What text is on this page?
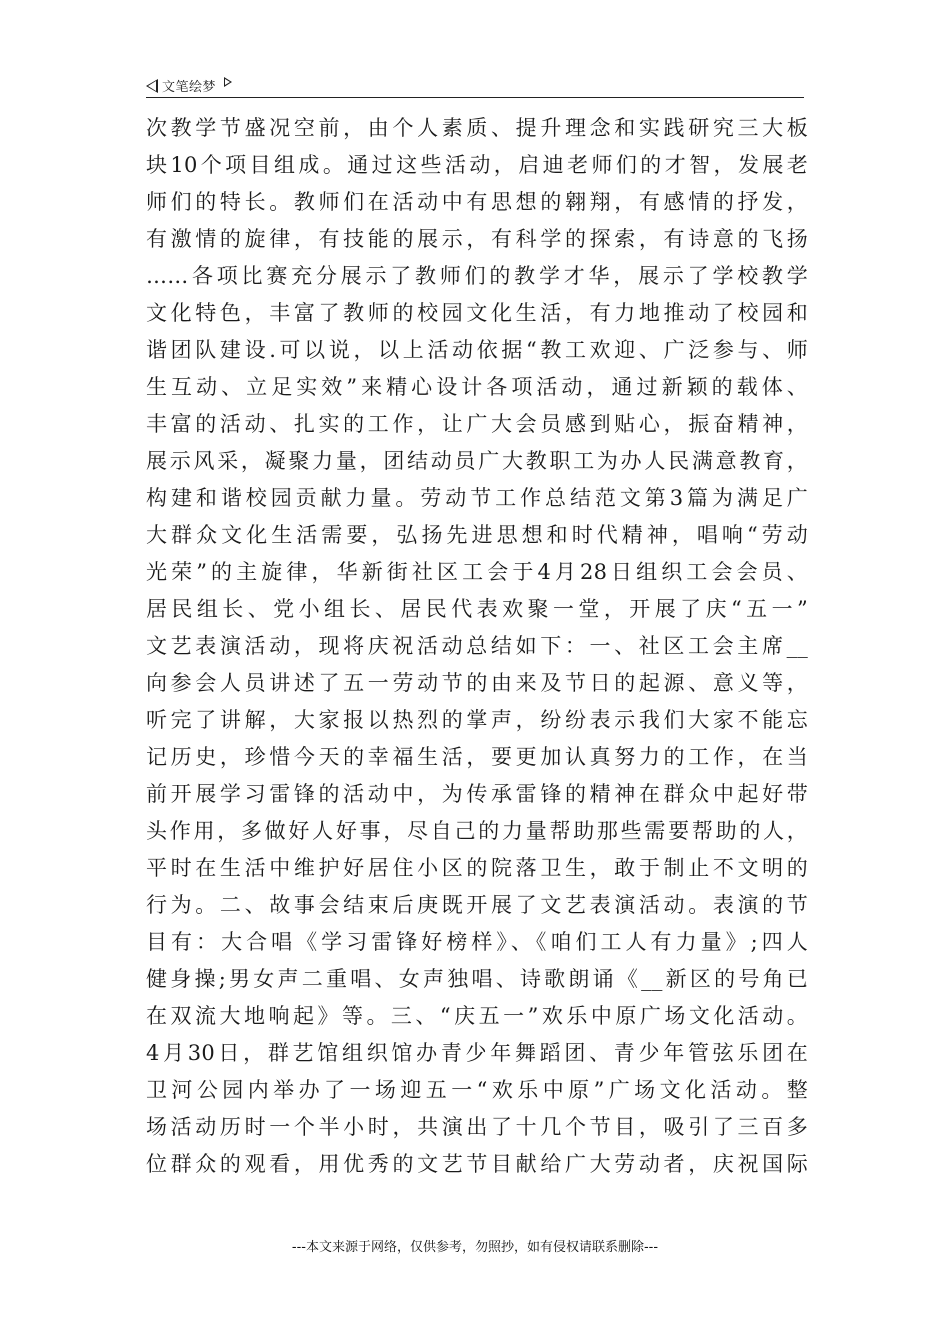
文笔绘梦
次教学节盛况空前，由个人素质、提升理念和实践研究三大板
块10个项目组成。通过这些活动，启迪老师们的才智，发展老
师们的特长。教师们在活动中有思想的翱翔，有感情的抒发，
有激情的旋律，有技能的展示，有科学的探索，有诗意的飞扬
……各项比赛充分展示了教师们的教学才华，展示了学校教学
文化特色，丰富了教师的校园文化生活，有力地推动了校园和
谐团队建设.可以说，以上活动依据“教工欢迎、广泛参与、师
生互动、立足实效”来精心设计各项活动，通过新颖的载体、
丰富的活动、扎实的工作，让广大会员感到贴心，振奋精神，
展示风采，凝聚力量，团结动员广大教职工为办人民满意教育，
构建和谐校园贡献力量。劳动节工作总结范文第3篇为满足广
大群众文化生活需要，弘扬先进思想和时代精神，唱响“劳动
光荣”的主旋律，华新街社区工会于4月28日组织工会会员、
居民组长、党小组长、居民代表欢聚一堂，开展了庆“五一”
文艺表演活动，现将庆祝活动总结如下：一、社区工会主席__
向参会人员讲述了五一劳动节的由来及节日的起源、意义等，
听完了讲解，大家报以热烈的掌声，纷纷表示我们大家不能忘
记历史，珍惜今天的幸福生活，要更加认真努力的工作，在当
前开展学习雷锋的活动中，为传承雷锋的精神在群众中起好带
头作用，多做好人好事，尽自己的力量帮助那些需要帮助的人，
平时在生活中维护好居住小区的院落卫生，敢于制止不文明的
行为。二、故事会结束后庚既开展了文艺表演活动。表演的节
目有：大合唱《学习雷锋好榜样》、《咱们工人有力量》;四人
健身操;男女声二重唱、女声独唱、诗歌朗诵《__新区的号角已
在双流大地响起》等。三、“庆五一”欢乐中原广场文化活动。
4月30日，群艺馆组织馆办青少年舞蹈团、青少年管弦乐团在
卫河公园内举办了一场迎五一“欢乐中原”广场文化活动。整
场活动历时一个半小时，共演出了十几个节目，吸引了三百多
位群众的观看，用优秀的文艺节目献给广大劳动者，庆祝国际
---本文来源于网络，仅供参考，勿照抄，如有侵权请联系删除---
